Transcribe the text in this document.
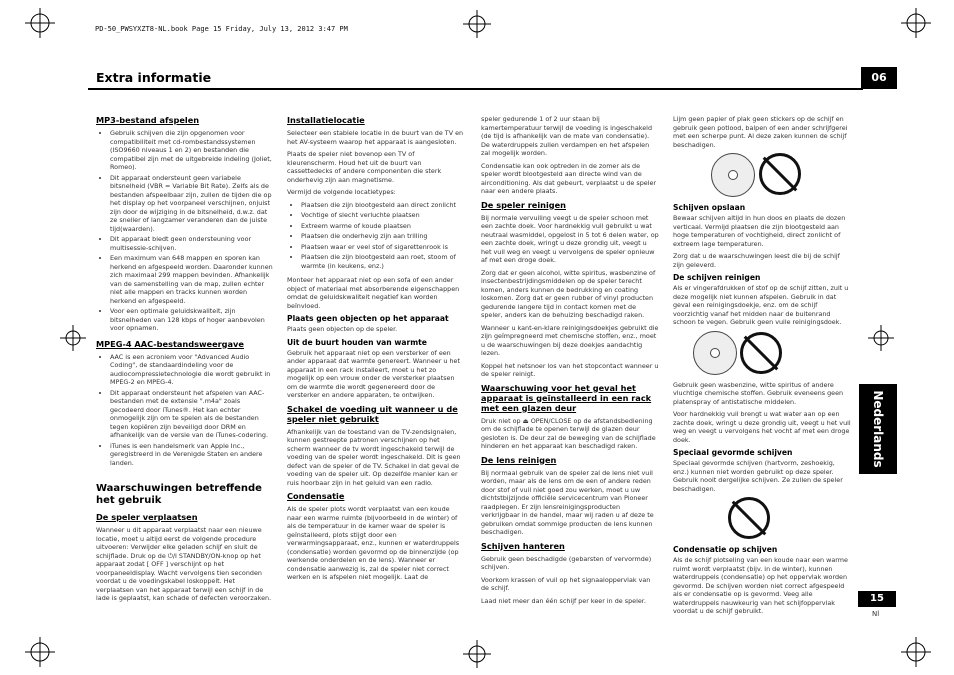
PD-50_PWSYXZT8-NL.book Page 15 Friday, July 13, 2012 3:47 PM
Extra informatie	06
Nederlands
15
Nl
MP3-bestand afspelen
• Gebruik schijven die zijn opgenomen voor compatibiliteit met cd-rombestandssystemen (ISO9660 niveaus 1 en 2) en bestanden die compatibel zijn met de uitgebreide indeling (Joliet, Romeo).
• Dit apparaat ondersteunt geen variabele bitsnelheid (VBR = Variable Bit Rate). Zelfs als de bestanden afspeelbaar zijn, zullen de tijden die op het display op het voorpaneel verschijnen, onjuist zijn door de wijziging in de bitsnelheid, d.w.z. dat ze sneller of langzamer veranderen dan de juiste tijd(waarden).
• Dit apparaat biedt geen ondersteuning voor multisessie-schijven.
• Een maximum van 648 mappen en sporen kan herkend en afgespeeld worden. Daaronder kunnen zich maximaal 299 mappen bevinden. Afhankelijk van de samenstelling van de map, zullen echter niet alle mappen en tracks kunnen worden herkend en afgespeeld.
• Voor een optimale geluidskwaliteit, zijn bitsnelheden van 128 kbps of hoger aanbevolen voor opnamen.
MPEG-4 AAC-bestandsweergave
• AAC is een acroniem voor "Advanced Audio Coding", de standaardindeling voor de audiocompressietechnologie die wordt gebruikt in MPEG-2 en MPEG-4.
• Dit apparaat ondersteunt het afspelen van AAC-bestanden met de extensie ".m4a" zoals gecodeerd door iTunes®. Het kan echter onmogelijk zijn om te spelen als de bestanden tegen kopiëren zijn beveiligd door DRM en afhankelijk van de versie van de iTunes-codering.
• iTunes is een handelsmerk van Apple Inc., geregistreerd in de Verenigde Staten en andere landen.
Waarschuwingen betreffende het gebruik
De speler verplaatsen

Wanneer u dit apparaat verplaatst naar een nieuwe locatie, moet u altijd eerst de volgende procedure uitvoeren: Verwijder elke geladen schijf en sluit de schijflade. Druk op de ⏻/I STANDBY/ON-knop op het apparaat zodat [ OFF ] verschijnt op het voorpaneeldisplay. Wacht vervolgens tien seconden voordat u de voedingskabel loskoppelt. Het verplaatsen van het apparaat terwijl een schijf in de lade is geplaatst, kan schade of defecten veroorzaken.

Installatielocatie

Selecteer een stabiele locatie in de buurt van de TV en het AV-systeem waarop het apparaat is aangesloten.

Plaats de speler niet bovenop een TV of kleurenscherm. Houd het uit de buurt van cassettedecks of andere componenten die sterk onderhevig zijn aan magnetisme.

Vermijd de volgende locatietypes:

• Plaatsen die zijn blootgesteld aan direct zonlicht
• Vochtige of slecht verluchte plaatsen
• Extreem warme of koude plaatsen
• Plaatsen die onderhevig zijn aan trilling
• Plaatsen waar er veel stof of sigarettenrook is
• Plaatsen die zijn blootgesteld aan roet, stoom of warmte (in keukens, enz.)

Monteer het apparaat niet op een sofa of een ander object of materiaal met absorberende eigenschappen omdat de geluidskwaliteit negatief kan worden beïnvloed.

Plaats geen objecten op het apparaat

Plaats geen objecten op de speler.

Uit de buurt houden van warmte

Gebruik het apparaat niet op een versterker of een ander apparaat dat warmte genereert. Wanneer u het apparaat in een rack installeert, moet u het zo mogelijk op een vrouw onder de versterker plaatsen om de warmte die wordt gegenereerd door de versterker en andere apparaten, te ontwijken.

Schakel de voeding uit wanneer u de speler niet gebruikt

Afhankelijk van de toestand van de TV-zendsignalen, kunnen gestreepte patronen verschijnen op het scherm wanneer de tv wordt ingeschakeld terwijl de voeding van de speler wordt ingeschakeld. Dit is geen defect van de speler of de TV. Schakel in dat geval de voeding van de speler uit. Op dezelfde manier kan er ruis hoorbaar zijn in het geluid van een radio.

Condensatie

Als de speler plots wordt verplaatst van een koude naar een warme ruimte (bijvoorbeeld in de winter) of als de temperatuur in de kamer waar de speler is geïnstalleerd, plots stijgt door een verwarmingsapparaat, enz., kunnen er waterdruppels (condensatie) worden gevormd op de binnenzijde (op werkende onderdelen en de lens). Wanneer er condensatie aanwezig is, zal de speler niet correct werken en is afspelen niet mogelijk. Laat de

speler gedurende 1 of 2 uur staan bij kamertemperatuur terwijl de voeding is ingeschakeld (de tijd is afhankelijk van de mate van condensatie). De waterdruppels zullen verdampen en het afspelen zal mogelijk worden.

Condensatie kan ook optreden in de zomer als de speler wordt blootgesteld aan directe wind van de airconditioning. Als dat gebeurt, verplaatst u de speler naar een andere plaats.

De speler reinigen

Bij normale vervuiling veegt u de speler schoon met een zachte doek. Voor hardnekkig vuil gebruikt u wat neutraal wasmiddel, opgelost in 5 tot 6 delen water, op een zachte doek, wringt u deze grondig uit, veegt u het vuil weg en veegt u vervolgens de speler opnieuw af met een droge doek.

Zorg dat er geen alcohol, witte spiritus, wasbenzine of insectenbestrijdingsmiddelen op de speler terecht komen, anders kunnen de bedrukking en coating loskomen. Zorg dat er geen rubber of vinyl producten gedurende langere tijd in contact komen met de speler, anders kan de behuizing beschadigd raken.

Wanneer u kant-en-klare reinigingsdoekjes gebruikt die zijn geïmpregneerd met chemische stoffen, enz., moet u de waarschuwingen bij deze doekjes aandachtig lezen.

Koppel het netsnoer los van het stopcontact wanneer u de speler reinigt.

Waarschuwing voor het geval het apparaat is geïnstalleerd in een rack met een glazen deur

Druk niet op ⏏ OPEN/CLOSE op de afstandsbediening om de schijflade te openen terwijl de glazen deur gesloten is. De deur zal de beweging van de schijflade hinderen en het apparaat kan beschadigd raken.

De lens reinigen

Bij normaal gebruik van de speler zal de lens niet vuil worden, maar als de lens om de een of andere reden door stof of vuil niet goed zou werken, moet u uw dichtstbijzijnde officiële servicecentrum van Pioneer raadplegen. Er zijn lensreinigingsproducten verkrijgbaar in de handel, maar wij raden u af deze te gebruiken omdat sommige producten de lens kunnen beschadigen.

Schijven hanteren

Gebruik geen beschadigde (gebarsten of vervormde) schijven.

Voorkom krassen of vuil op het signaaloppervlak van de schijf.

Laad niet meer dan één schijf per keer in de speler.

Lijm geen papier of plak geen stickers op de schijf en gebruik geen potlood, balpen of een ander schrijfgerei met een scherpe punt. Al deze zaken kunnen de schijf beschadigen.

Schijven opslaan

Bewaar schijven altijd in hun doos en plaats de dozen verticaal. Vermijd plaatsen die zijn blootgesteld aan hoge temperaturen of vochtigheid, direct zonlicht of extreem lage temperaturen.

Zorg dat u de waarschuwingen leest die bij de schijf zijn geleverd.

De schijven reinigen

Als er vingerafdrukken of stof op de schijf zitten, zult u deze mogelijk niet kunnen afspelen. Gebruik in dat geval een reinigingsdoekje, enz. om de schijf voorzichtig vanaf het midden naar de buitenrand schoon te vegen. Gebruik geen vuile reinigingsdoek.

Gebruik geen wasbenzine, witte spiritus of andere vluchtige chemische stoffen. Gebruik eveneens geen platenspray of antistatische middelen.

Voor hardnekkig vuil brengt u wat water aan op een zachte doek, wringt u deze grondig uit, veegt u het vuil weg en veegt u vervolgens het vocht af met een droge doek.

Speciaal gevormde schijven

Speciaal gevormde schijven (hartvorm, zeshoekig, enz.) kunnen niet worden gebruikt op deze speler. Gebruik nooit dergelijke schijven. Ze zullen de speler beschadigen.

Condensatie op schijven

Als de schijf plotseling van een koude naar een warme ruimt wordt verplaatst (bijv. in de winter), kunnen waterdruppels (condensatie) op het oppervlak worden gevormd. De schijven worden niet correct afgespeeld als er condensatie op is gevormd. Veeg alle waterdruppels nauwkeurig van het schijfoppervlak voordat u de schijf gebruikt.
